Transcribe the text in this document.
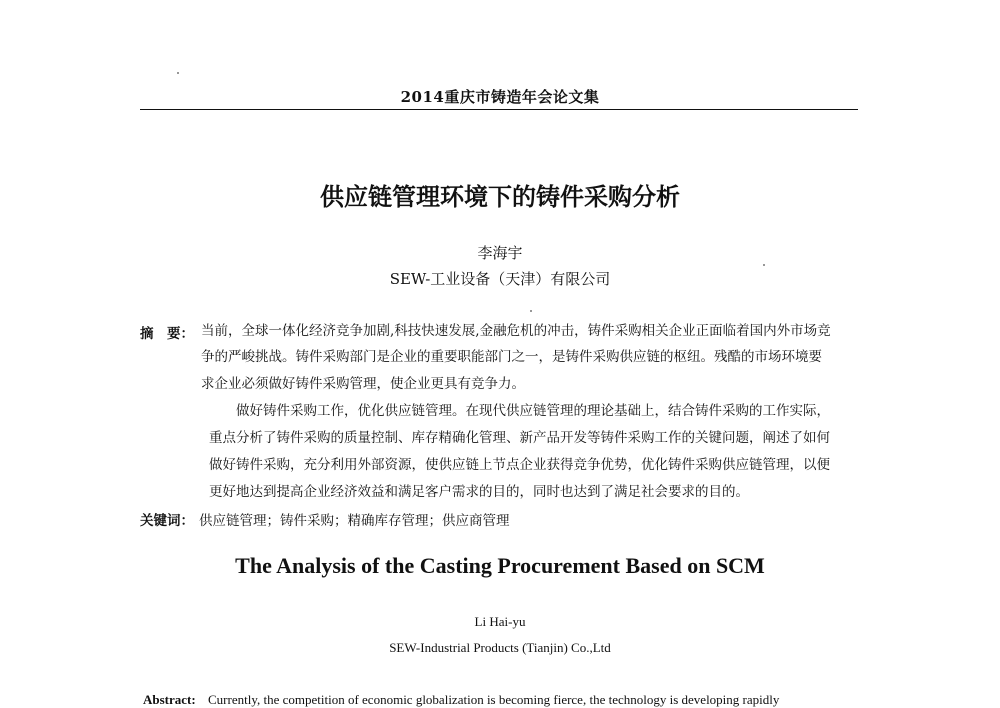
2014重庆市铸造年会论文集
供应链管理环境下的铸件采购分析
李海宇
SEW-工业设备（天津）有限公司
摘　要： 当前，全球一体化经济竞争加剧,科技快速发展,金融危机的冲击，铸件采购相关企业正面临着国内外市场竞
争的严峻挑战。铸件采购部门是企业的重要职能部门之一，是铸件采购供应链的枢纽。残酷的市场环境要
求企业必须做好铸件采购管理，使企业更具有竞争力。
做好铸件采购工作，优化供应链管理。在现代供应链管理的理论基础上，结合铸件采购的工作实际，
重点分析了铸件采购的质量控制、库存精确化管理、新产品开发等铸件采购工作的关键问题，阐述了如何
做好铸件采购，充分利用外部资源，使供应链上节点企业获得竞争优势，优化铸件采购供应链管理，以便
更好地达到提高企业经济效益和满足客户需求的目的，同时也达到了满足社会要求的目的。
关键词： 供应链管理；铸件采购；精确库存管理；供应商管理
The Analysis of the Casting Procurement Based on SCM
Li Hai-yu
SEW-Industrial Products (Tianjin) Co.,Ltd
Abstract: Currently, the competition of economic globalization is becoming fierce, the technology is developing rapidly
